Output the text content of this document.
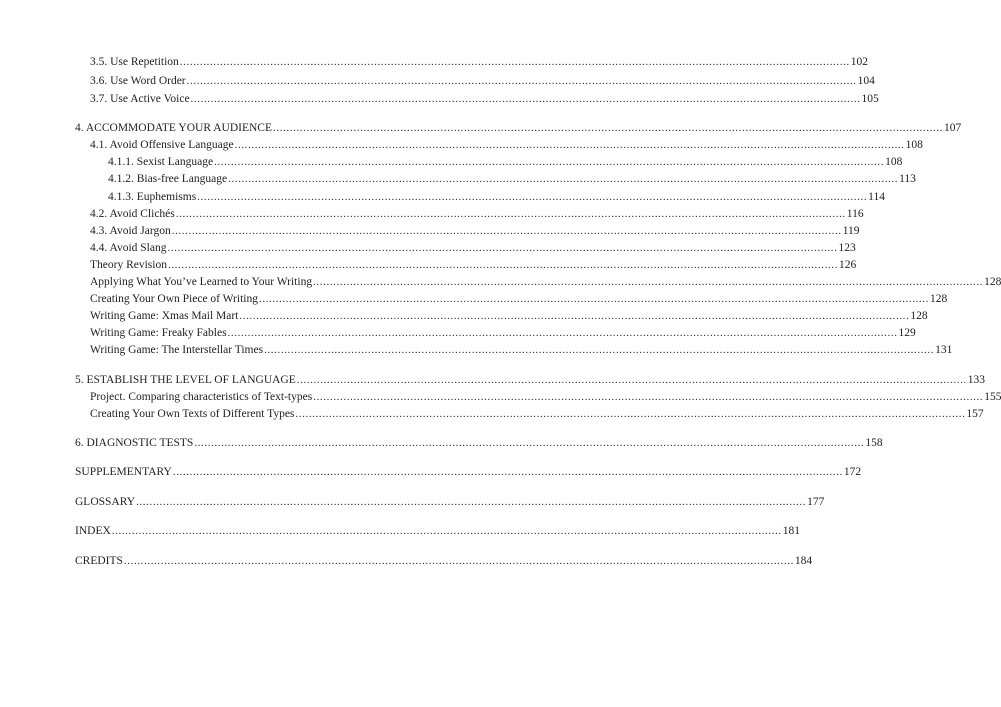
3.5. Use Repetition ........................................................................................................................................................................................................ 102
3.6. Use Word Order ........................................................................................................................................................................................................ 104
3.7. Use Active Voice ........................................................................................................................................................................................................ 105
4. ACCOMMODATE YOUR AUDIENCE ........................................................................................................................................................................................................ 107
4.1. Avoid Offensive Language ........................................................................................................................................................................................................ 108
4.1.1. Sexist Language ........................................................................................................................................................................................................ 108
4.1.2. Bias-free Language ........................................................................................................................................................................................................ 113
4.1.3. Euphemisms ........................................................................................................................................................................................................ 114
4.2. Avoid Clichés ........................................................................................................................................................................................................ 116
4.3. Avoid Jargon ........................................................................................................................................................................................................ 119
4.4. Avoid Slang ........................................................................................................................................................................................................ 123
Theory Revision ........................................................................................................................................................................................................ 126
Applying What You’ve Learned to Your Writing ........................................................................................................................................................................................................ 128
Creating Your Own Piece of Writing ........................................................................................................................................................................................................ 128
Writing Game: Xmas Mail Mart ........................................................................................................................................................................................................ 128
Writing Game: Freaky Fables ........................................................................................................................................................................................................ 129
Writing Game: The Interstellar Times ........................................................................................................................................................................................................ 131
5. ESTABLISH THE LEVEL OF LANGUAGE ........................................................................................................................................................................................................ 133
Project. Comparing characteristics of Text-types ........................................................................................................................................................................................................ 155
Creating Your Own Texts of Different Types ........................................................................................................................................................................................................ 157
6. DIAGNOSTIC TESTS ........................................................................................................................................................................................................ 158
SUPPLEMENTARY ........................................................................................................................................................................................................ 172
GLOSSARY ........................................................................................................................................................................................................ 177
INDEX ........................................................................................................................................................................................................ 181
CREDITS ........................................................................................................................................................................................................ 184
